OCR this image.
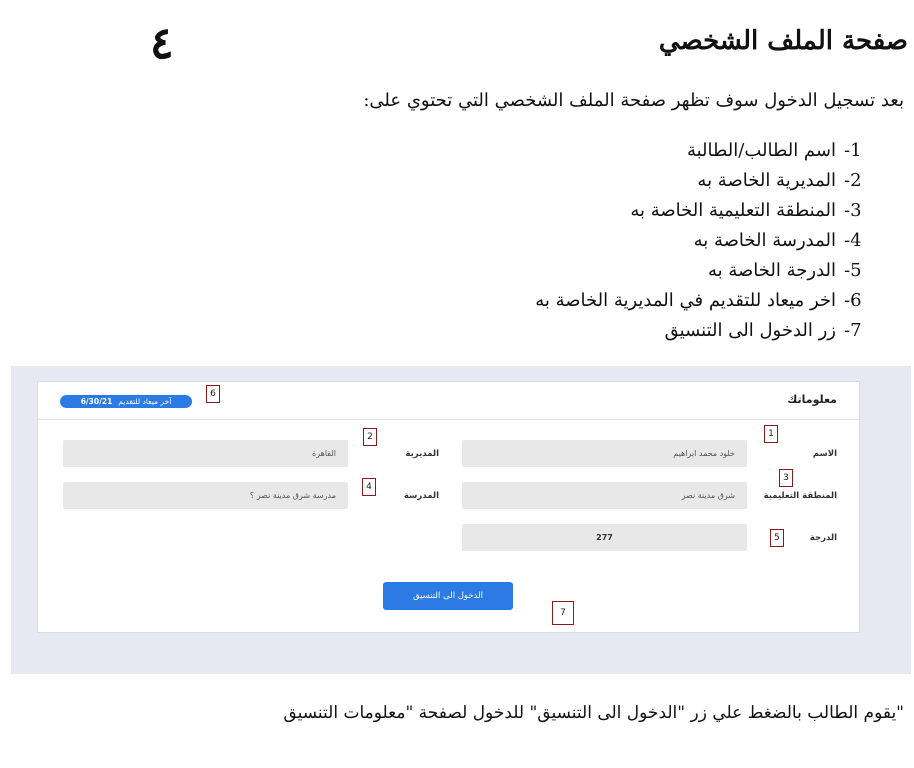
صفحة الملف الشخصي
٤

بعد تسجيل الدخول سوف تظهر صفحة الملف الشخصي التي تحتوي على:

-1
اسم الطالب/الطالبة
-2
المديرية الخاصة به
-3
المنطقة التعليمية الخاصة به
-4
المدرسة الخاصة به
-5
الدرجة الخاصة به
-6
اخر ميعاد للتقديم في المديرية الخاصة به
-7
زر الدخول الى التنسيق
معلوماتك
آخر ميعاد للتقديم
6/30/21
6
الاسم
خلود محمد ابراهيم
1
المديرية
القاهرة
2
المنطقة التعليمية
شرق مدينة نصر
3
المدرسة
مدرسة شرق مدينة نصر ؟
4
الدرجة
277	5
الدخول الى التنسيق
7

"يقوم الطالب بالضغط علي زر "الدخول الى التنسيق" للدخول لصفحة "معلومات التنسيق
